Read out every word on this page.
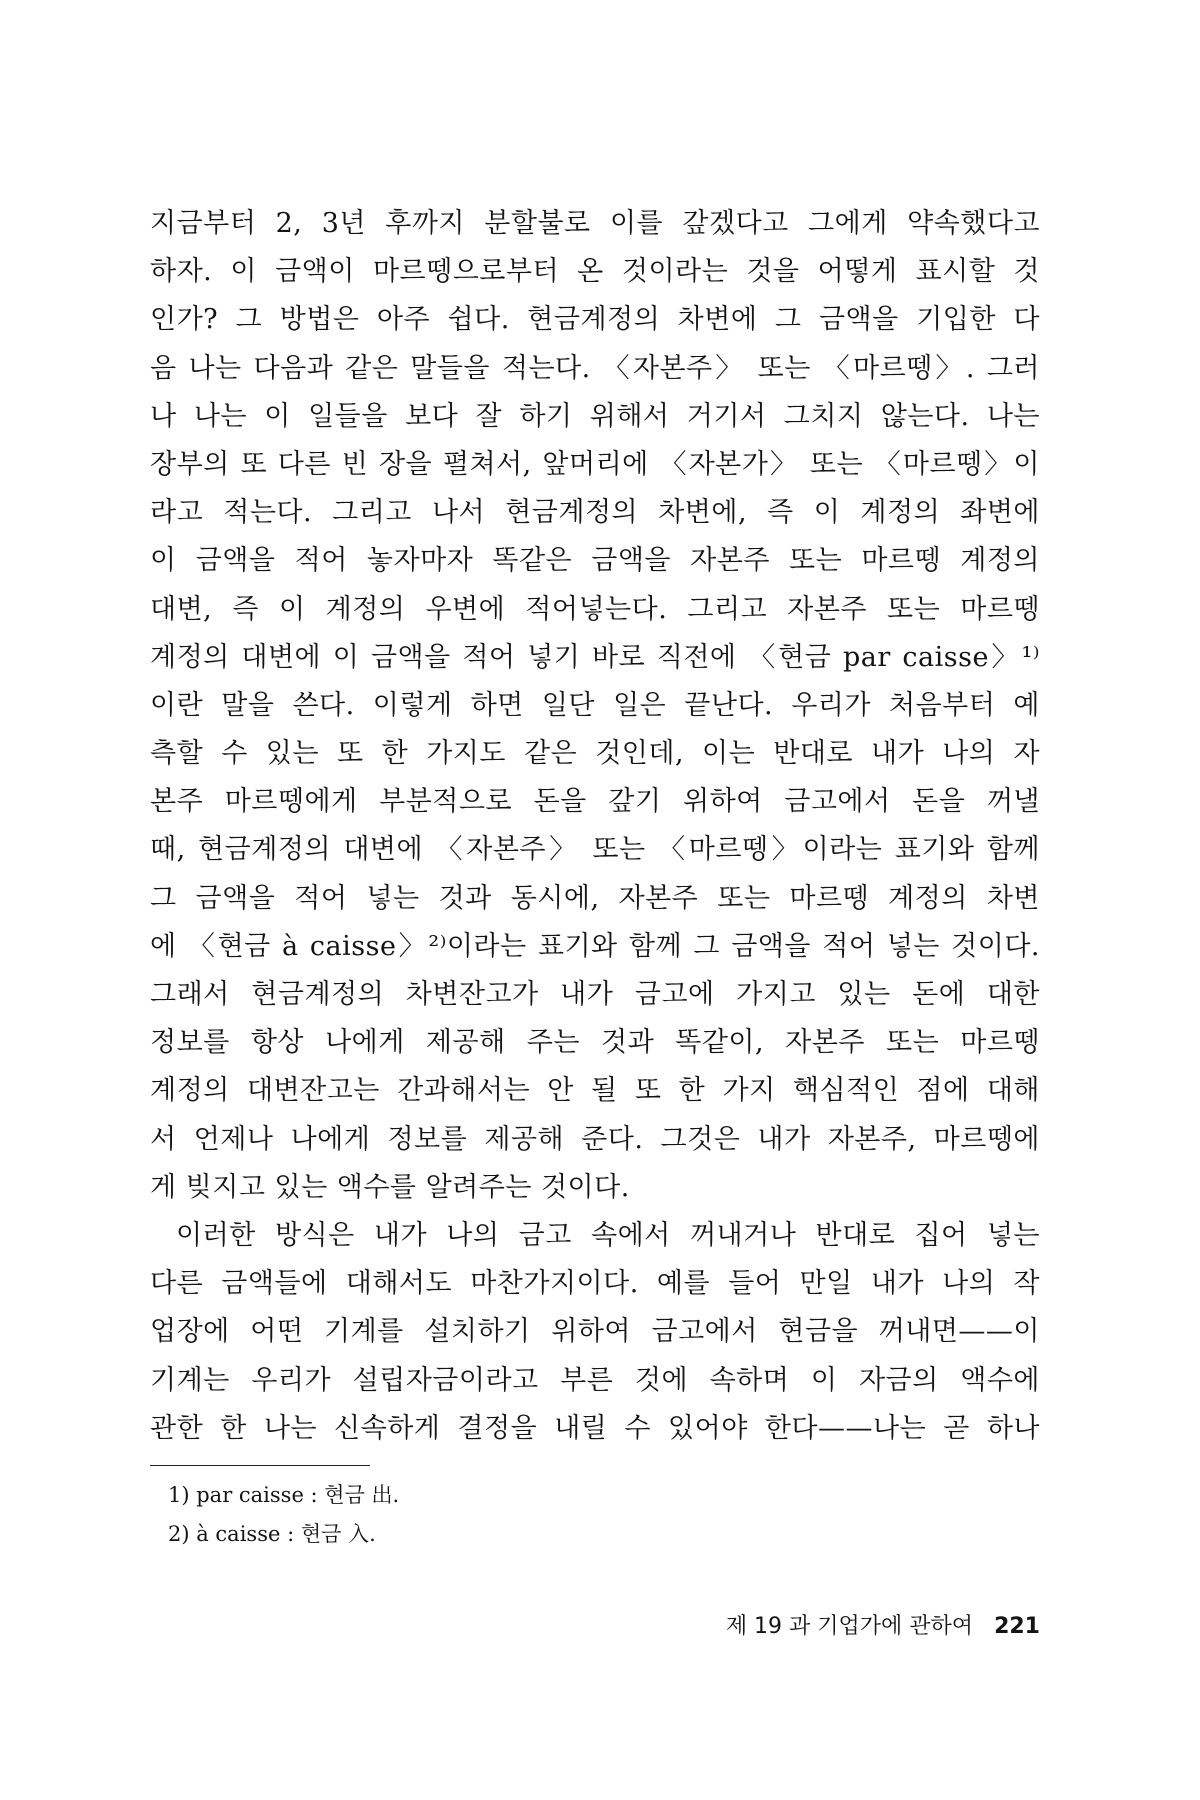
지금부터 2, 3년 후까지 분할불로 이를 갚겠다고 그에게 약속했다고
하자. 이 금액이 마르뗑으로부터 온 것이라는 것을 어떻게 표시할 것
인가? 그 방법은 아주 쉽다. 현금계정의 차변에 그 금액을 기입한 다
음 나는 다음과 같은 말들을 적는다. 〈자본주〉 또는 〈마르뗑〉. 그러
나 나는 이 일들을 보다 잘 하기 위해서 거기서 그치지 않는다. 나는
장부의 또 다른 빈 장을 펼쳐서, 앞머리에 〈자본가〉 또는 〈마르뗑〉이
라고 적는다. 그리고 나서 현금계정의 차변에, 즉 이 계정의 좌변에
이 금액을 적어 놓자마자 똑같은 금액을 자본주 또는 마르뗑 계정의
대변, 즉 이 계정의 우변에 적어넣는다. 그리고 자본주 또는 마르뗑
계정의 대변에 이 금액을 적어 넣기 바로 직전에 〈현금 par caisse〉¹⁾
이란 말을 쓴다. 이렇게 하면 일단 일은 끝난다. 우리가 처음부터 예
측할 수 있는 또 한 가지도 같은 것인데, 이는 반대로 내가 나의 자
본주 마르뗑에게 부분적으로 돈을 갚기 위하여 금고에서 돈을 꺼낼
때, 현금계정의 대변에 〈자본주〉 또는 〈마르뗑〉이라는 표기와 함께
그 금액을 적어 넣는 것과 동시에, 자본주 또는 마르뗑 계정의 차변
에 〈현금 à caisse〉²⁾이라는 표기와 함께 그 금액을 적어 넣는 것이다.
그래서 현금계정의 차변잔고가 내가 금고에 가지고 있는 돈에 대한
정보를 항상 나에게 제공해 주는 것과 똑같이, 자본주 또는 마르뗑
계정의 대변잔고는 간과해서는 안 될 또 한 가지 핵심적인 점에 대해
서 언제나 나에게 정보를 제공해 준다. 그것은 내가 자본주, 마르뗑에
게 빚지고 있는 액수를 알려주는 것이다.
이러한 방식은 내가 나의 금고 속에서 꺼내거나 반대로 집어 넣는
다른 금액들에 대해서도 마찬가지이다. 예를 들어 만일 내가 나의 작
업장에 어떤 기계를 설치하기 위하여 금고에서 현금을 꺼내면——이
기계는 우리가 설립자금이라고 부른 것에 속하며 이 자금의 액수에
관한 한 나는 신속하게 결정을 내릴 수 있어야 한다——나는 곧 하나
1) par caisse : 현금 出.
2) à caisse : 현금 入.
제 19 과 기업가에 관하여 221
